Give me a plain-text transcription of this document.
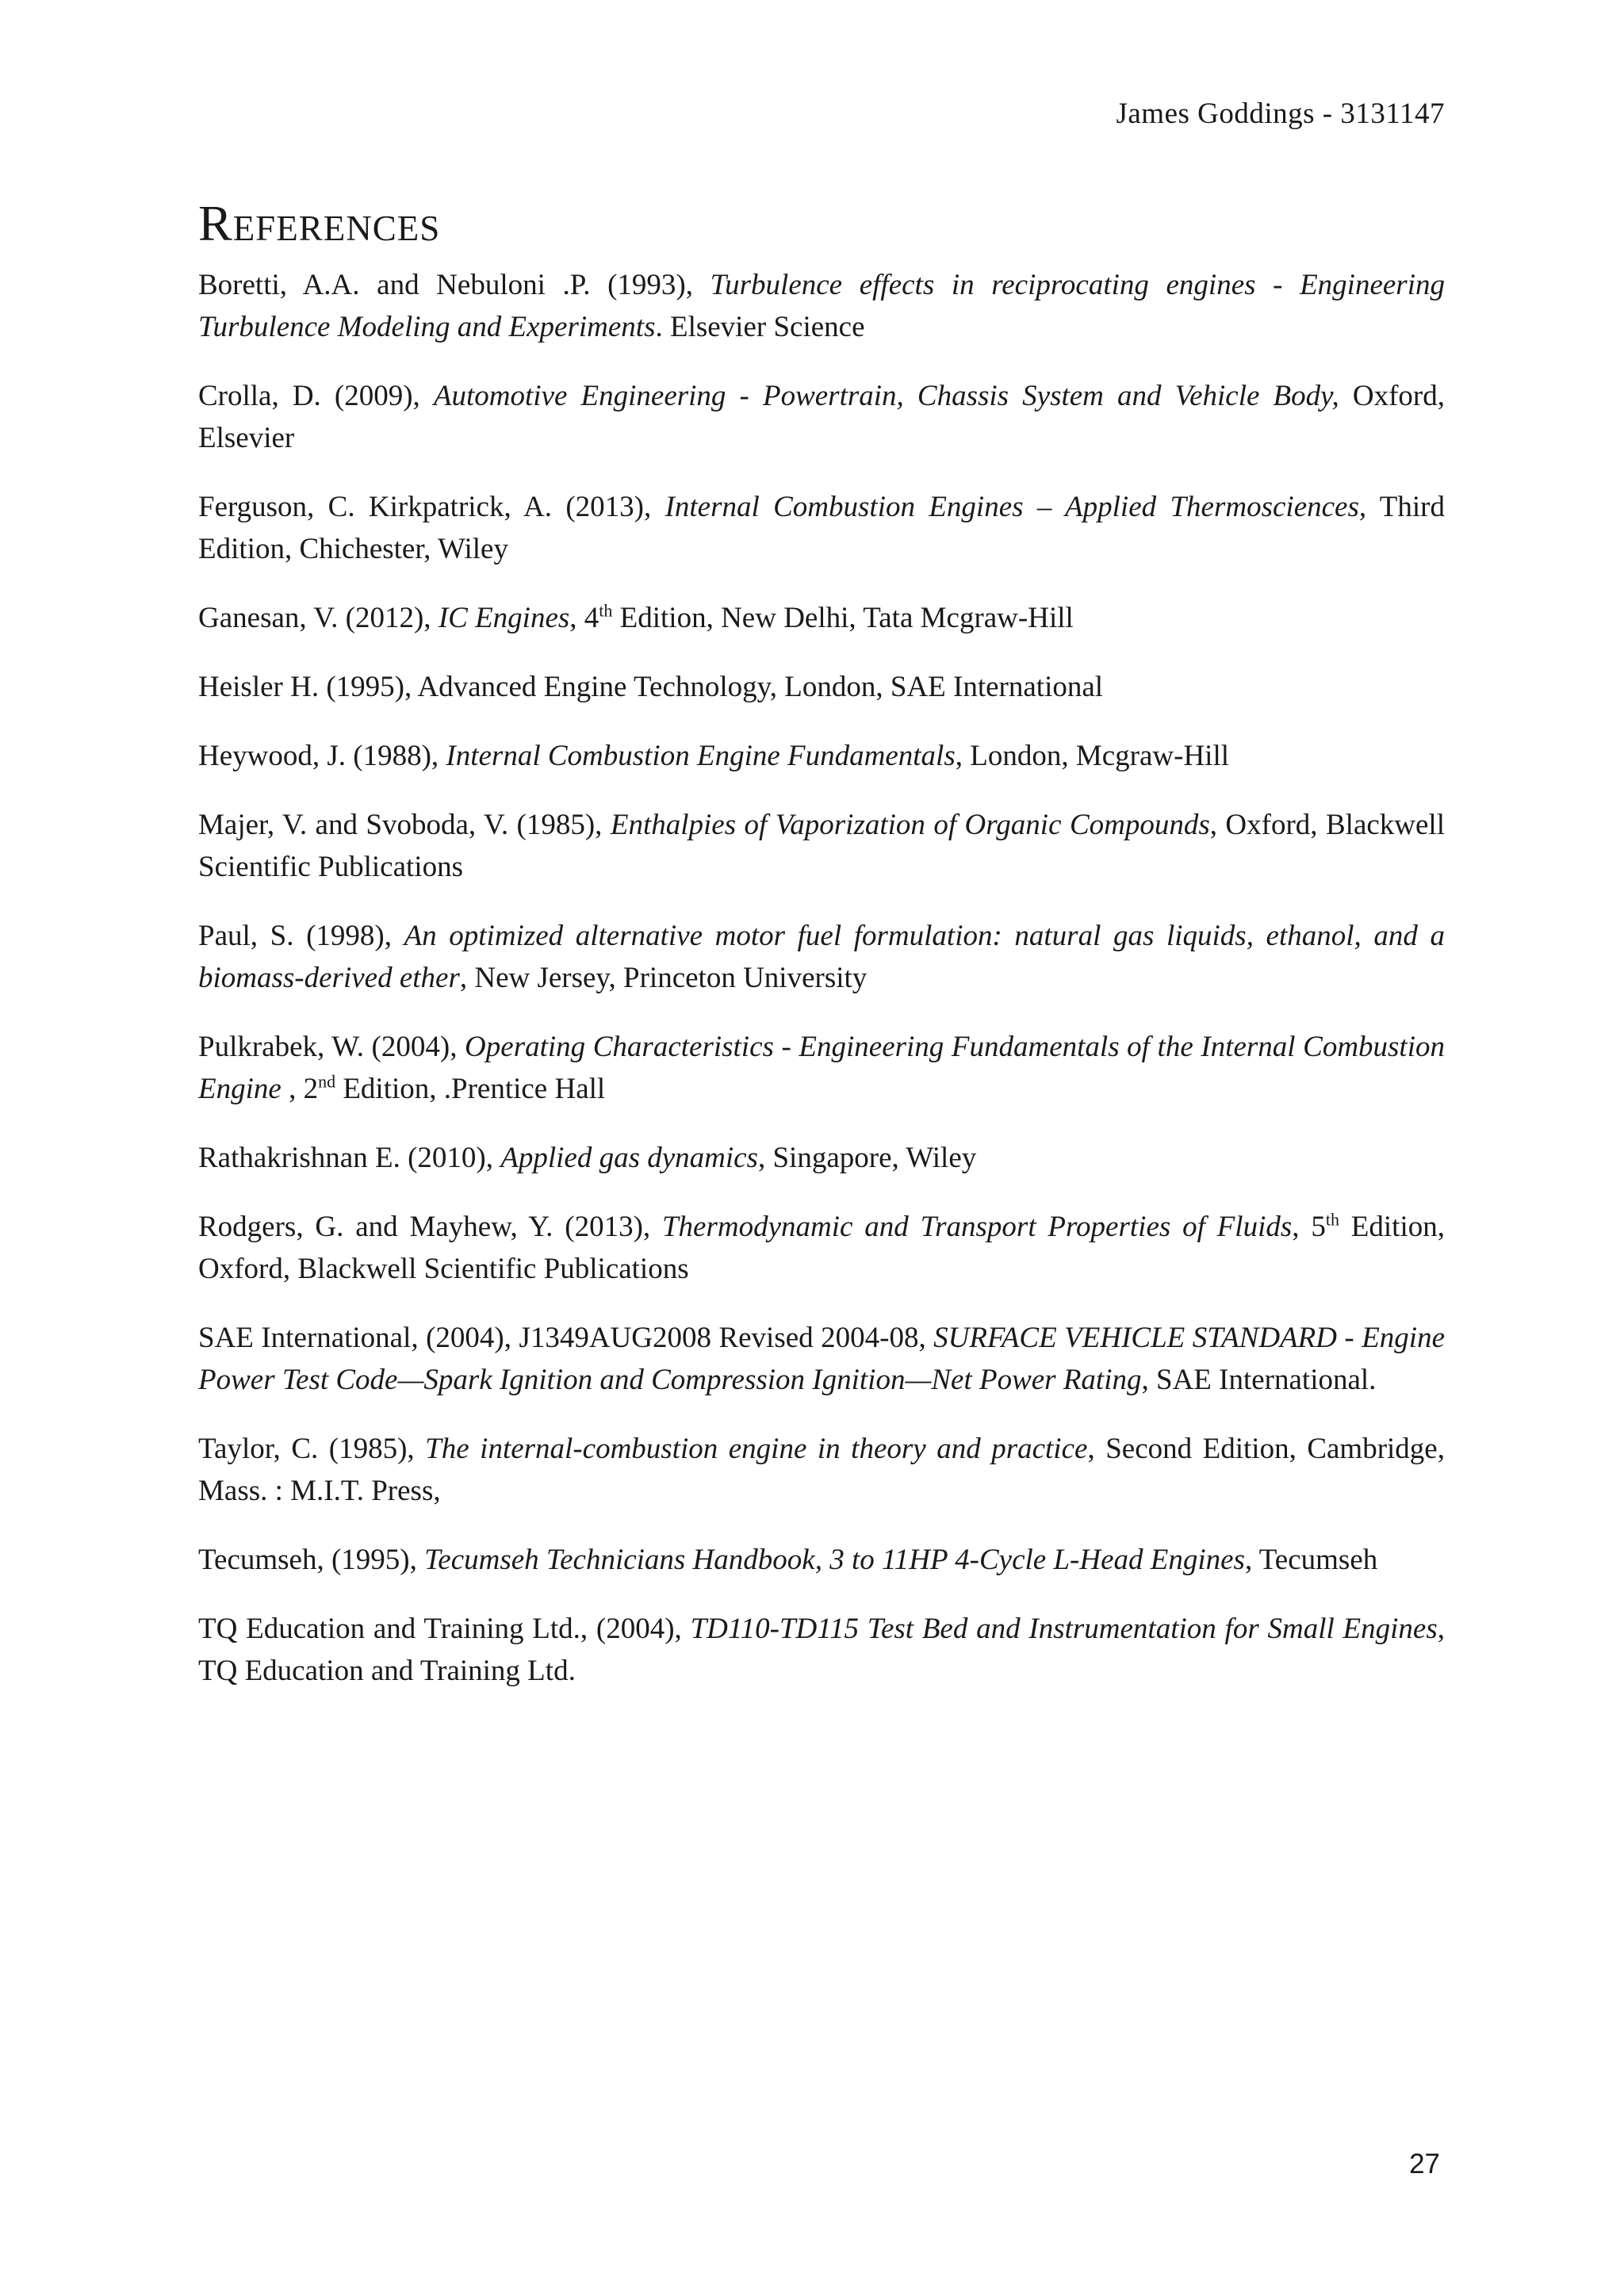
James Goddings - 3131147
References

Boretti, A.A. and Nebuloni .P. (1993), Turbulence effects in reciprocating engines - Engineering Turbulence Modeling and Experiments. Elsevier Science

Crolla, D. (2009), Automotive Engineering - Powertrain, Chassis System and Vehicle Body, Oxford, Elsevier

Ferguson, C. Kirkpatrick, A. (2013), Internal Combustion Engines – Applied Thermosciences, Third Edition, Chichester, Wiley

Ganesan, V. (2012), IC Engines, 4th Edition, New Delhi, Tata Mcgraw-Hill

Heisler H. (1995), Advanced Engine Technology, London, SAE International

Heywood, J. (1988), Internal Combustion Engine Fundamentals, London, Mcgraw-Hill

Majer, V. and Svoboda, V. (1985), Enthalpies of Vaporization of Organic Compounds, Oxford, Blackwell Scientific Publications

Paul, S. (1998), An optimized alternative motor fuel formulation: natural gas liquids, ethanol, and a biomass-derived ether, New Jersey, Princeton University

Pulkrabek, W. (2004), Operating Characteristics - Engineering Fundamentals of the Internal Combustion Engine , 2nd Edition, .Prentice Hall

Rathakrishnan E. (2010), Applied gas dynamics, Singapore, Wiley

Rodgers, G. and Mayhew, Y. (2013), Thermodynamic and Transport Properties of Fluids, 5th Edition, Oxford, Blackwell Scientific Publications

SAE International, (2004), J1349AUG2008 Revised 2004-08, SURFACE VEHICLE STANDARD - Engine Power Test Code—Spark Ignition and Compression Ignition—Net Power Rating, SAE International.

Taylor, C. (1985), The internal-combustion engine in theory and practice, Second Edition, Cambridge, Mass. : M.I.T. Press,

Tecumseh, (1995), Tecumseh Technicians Handbook, 3 to 11HP 4-Cycle L-Head Engines, Tecumseh

TQ Education and Training Ltd., (2004), TD110-TD115 Test Bed and Instrumentation for Small Engines, TQ Education and Training Ltd.

27
